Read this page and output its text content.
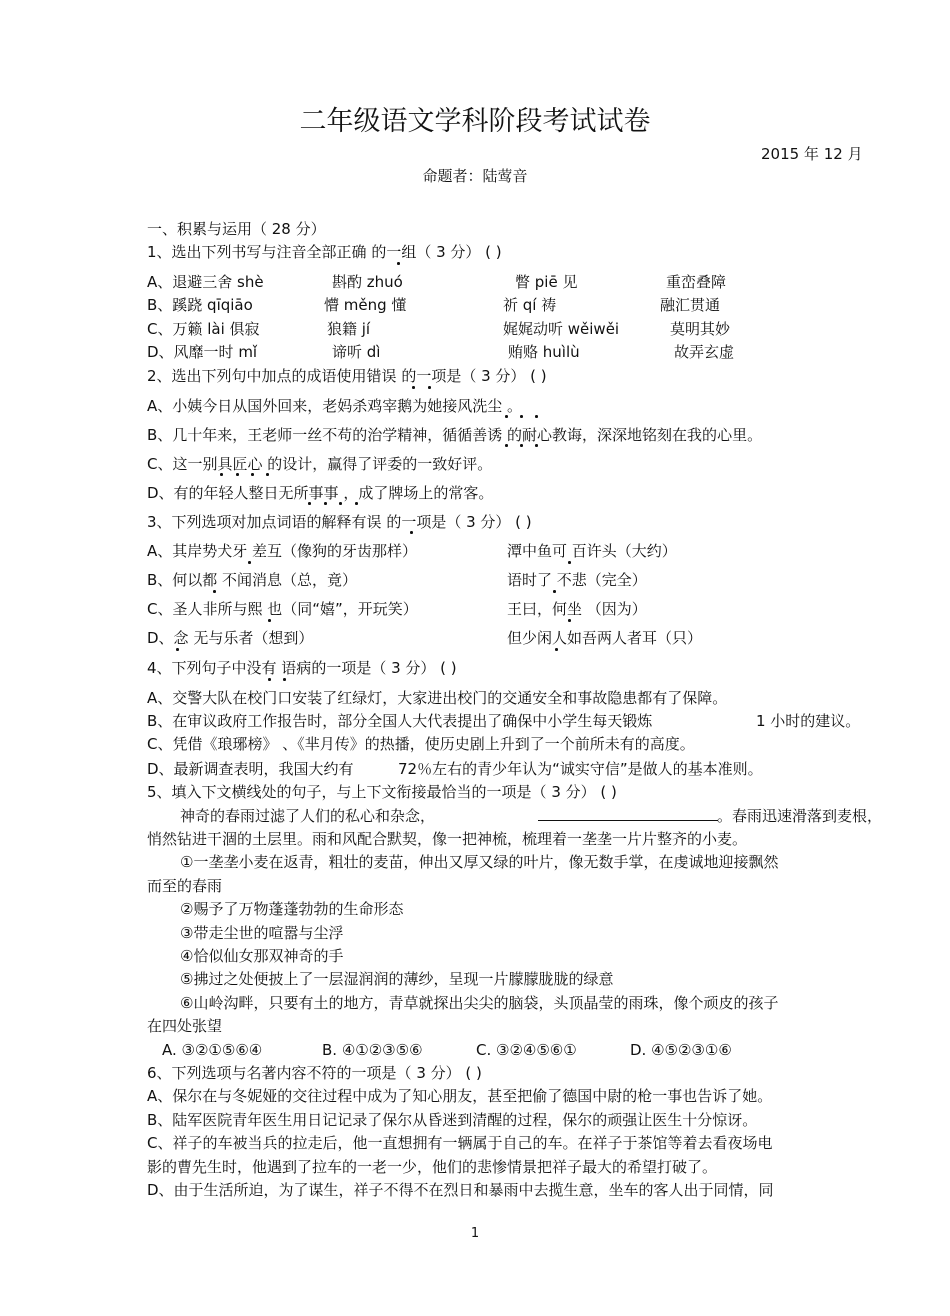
二年级语文学科阶段考试试卷
2015 年 12 月
命题者：陆莺音
一、积累与运用（ 28 分）
1、选出下列书写与注音全部正确 的一组（ 3 分） ( )
A、退避三舍 shè	斟酌 zhuó	瞥 piē 见	重峦叠障
B、蹊跷 qīqiāo	懵 měng 懂	祈 qí 祷	融汇贯通
C、万籁 lài 俱寂	狼籍 jí	娓娓动听 wěiwěi	莫明其妙
D、风靡一时 mǐ	谛听 dì	贿赂 huìlù	故弄玄虚
2、选出下列句中加点的成语使用错误 的一项是（ 3 分） ( )
A、小姨今日从国外回来，老妈杀鸡宰鹅为她接风洗尘 。
B、几十年来，王老师一丝不苟的治学精神，循循善诱 的耐心教诲，深深地铭刻在我的心里。
C、这一别具匠心 的设计，赢得了评委的一致好评。
D、有的年轻人整日无所事事 ，成了牌场上的常客。
3、下列选项对加点词语的解释有误 的一项是（ 3 分） ( )
A、其岸势犬牙 差互（像狗的牙齿那样）	潭中鱼可 百许头（大约）
B、何以都 不闻消息（总，竟）	语时了 不悲（完全）
C、圣人非所与熙 也（同“嬉”，开玩笑）	王曰，何坐 （因为）
D、念 无与乐者（想到）	但少闲人如吾两人者耳（只）
4、下列句子中没有 语病的一项是（ 3 分） ( )
A、交警大队在校门口安装了红绿灯，大家进出校门的交通安全和事故隐患都有了保障。
B、在审议政府工作报告时，部分全国人大代表提出了确保中小学生每天锻炼	1 小时的建议。
C、凭借《琅琊榜》 、《芈月传》的热播，使历史剧上升到了一个前所未有的高度。
D、最新调查表明，我国大约有	72％左右的青少年认为“诚实守信”是做人的基本准则。
5、填入下文横线处的句子，与上下文衔接最恰当的一项是（ 3 分） ( )
神奇的春雨过滤了人们的私心和杂念，	。春雨迅速滑落到麦根，
悄然钻进干涸的土层里。雨和风配合默契，像一把神梳，梳理着一垄垄一片片整齐的小麦。
①一垄垄小麦在返青，粗壮的麦苗，伸出又厚又绿的叶片，像无数手掌，在虔诚地迎接飘然
而至的春雨
②赐予了万物蓬蓬勃勃的生命形态
③带走尘世的喧嚣与尘浮
④恰似仙女那双神奇的手
⑤拂过之处便披上了一层湿润润的薄纱，呈现一片朦朦胧胧的绿意
⑥山岭沟畔，只要有土的地方，青草就探出尖尖的脑袋，头顶晶莹的雨珠，像个顽皮的孩子
在四处张望
A. ③②①⑤⑥④	B. ④①②③⑤⑥	C. ③②④⑤⑥①	D. ④⑤②③①⑥
6、下列选项与名著内容不符的一项是（ 3 分） ( )
A、保尔在与冬妮娅的交往过程中成为了知心朋友，甚至把偷了德国中尉的枪一事也告诉了她。
B、陆军医院青年医生用日记记录了保尔从昏迷到清醒的过程，保尔的顽强让医生十分惊讶。
C、祥子的车被当兵的拉走后，他一直想拥有一辆属于自己的车。在祥子于茶馆等着去看夜场电
影的曹先生时，他遇到了拉车的一老一少，他们的悲惨情景把祥子最大的希望打破了。
D、由于生活所迫，为了谋生，祥子不得不在烈日和暴雨中去揽生意，坐车的客人出于同情，同
1
